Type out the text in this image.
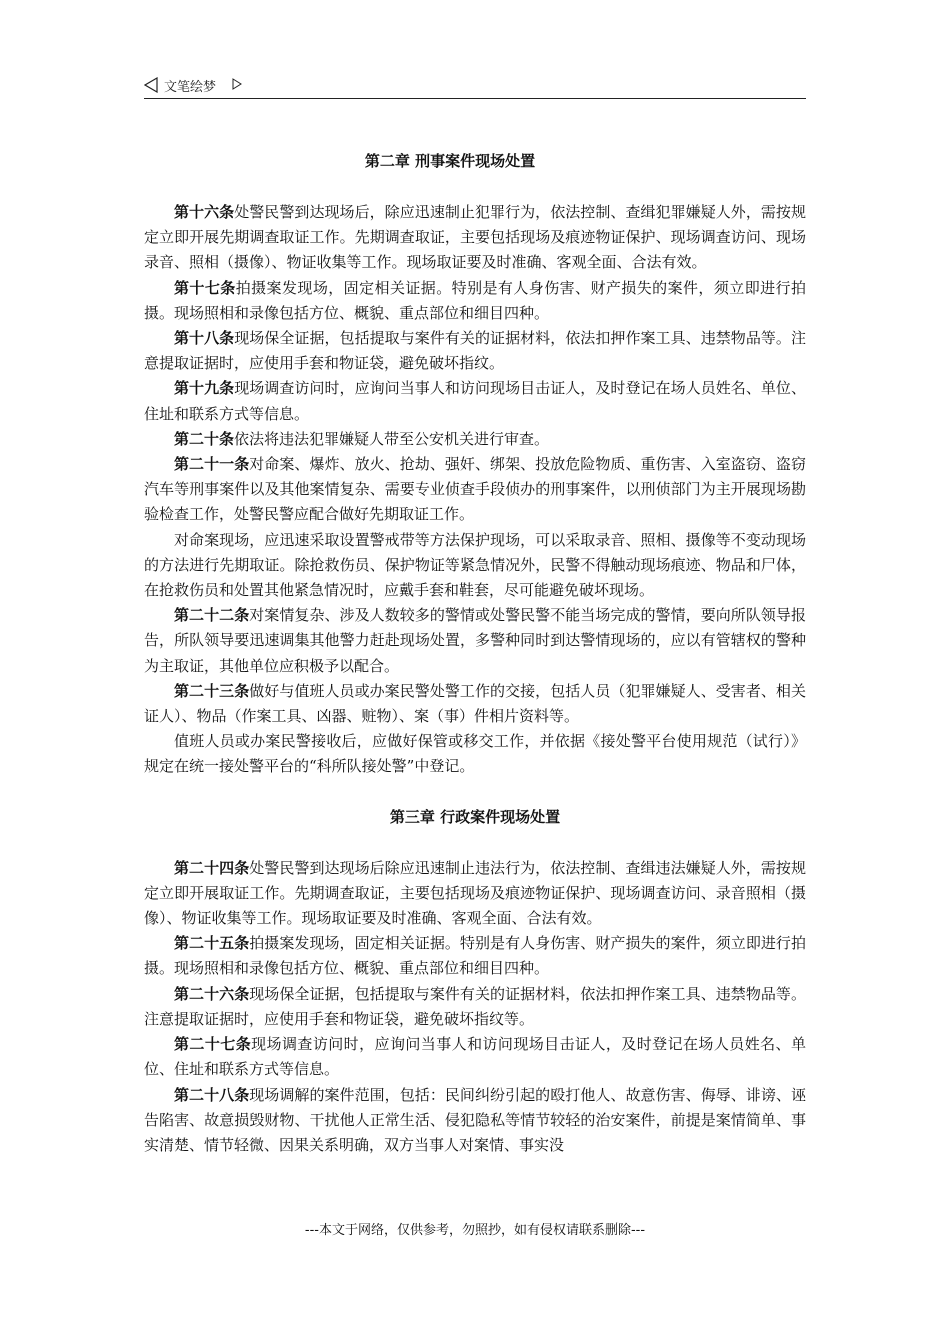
文笔绘梦
第二章 刑事案件现场处置

第十六条处警民警到达现场后，除应迅速制止犯罪行为，依法控制、查缉犯罪嫌疑人外，需按规定立即开展先期调查取证工作。先期调查取证，主要包括现场及痕迹物证保护、现场调查访问、现场录音、照相（摄像）、物证收集等工作。现场取证要及时准确、客观全面、合法有效。

第十七条拍摄案发现场，固定相关证据。特别是有人身伤害、财产损失的案件，须立即进行拍摄。现场照相和录像包括方位、概貌、重点部位和细目四种。

第十八条现场保全证据，包括提取与案件有关的证据材料，依法扣押作案工具、违禁物品等。注意提取证据时，应使用手套和物证袋，避免破坏指纹。

第十九条现场调查访问时，应询问当事人和访问现场目击证人，及时登记在场人员姓名、单位、住址和联系方式等信息。

第二十条依法将违法犯罪嫌疑人带至公安机关进行审查。

第二十一条对命案、爆炸、放火、抢劫、强奸、绑架、投放危险物质、重伤害、入室盗窃、盗窃汽车等刑事案件以及其他案情复杂、需要专业侦查手段侦办的刑事案件，以刑侦部门为主开展现场勘验检查工作，处警民警应配合做好先期取证工作。

对命案现场，应迅速采取设置警戒带等方法保护现场，可以采取录音、照相、摄像等不变动现场的方法进行先期取证。除抢救伤员、保护物证等紧急情况外，民警不得触动现场痕迹、物品和尸体，在抢救伤员和处置其他紧急情况时，应戴手套和鞋套，尽可能避免破坏现场。

第二十二条对案情复杂、涉及人数较多的警情或处警民警不能当场完成的警情，要向所队领导报告，所队领导要迅速调集其他警力赶赴现场处置，多警种同时到达警情现场的，应以有管辖权的警种为主取证，其他单位应积极予以配合。

第二十三条做好与值班人员或办案民警处警工作的交接，包括人员（犯罪嫌疑人、受害者、相关证人）、物品（作案工具、凶器、赃物）、案（事）件相片资料等。

值班人员或办案民警接收后，应做好保管或移交工作，并依据《接处警平台使用规范（试行）》规定在统一接处警平台的“科所队接处警”中登记。

第三章 行政案件现场处置

第二十四条处警民警到达现场后除应迅速制止违法行为，依法控制、查缉违法嫌疑人外，需按规定立即开展取证工作。先期调查取证，主要包括现场及痕迹物证保护、现场调查访问、录音照相（摄像）、物证收集等工作。现场取证要及时准确、客观全面、合法有效。

第二十五条拍摄案发现场，固定相关证据。特别是有人身伤害、财产损失的案件，须立即进行拍摄。现场照相和录像包括方位、概貌、重点部位和细目四种。

第二十六条现场保全证据，包括提取与案件有关的证据材料，依法扣押作案工具、违禁物品等。注意提取证据时，应使用手套和物证袋，避免破坏指纹等。

第二十七条现场调查访问时，应询问当事人和访问现场目击证人，及时登记在场人员姓名、单位、住址和联系方式等信息。

第二十八条现场调解的案件范围，包括：民间纠纷引起的殴打他人、故意伤害、侮辱、诽谤、诬告陷害、故意损毁财物、干扰他人正常生活、侵犯隐私等情节较轻的治安案件，前提是案情简单、事实清楚、情节轻微、因果关系明确，双方当事人对案情、事实没

---本文于网络，仅供参考，勿照抄，如有侵权请联系删除---
